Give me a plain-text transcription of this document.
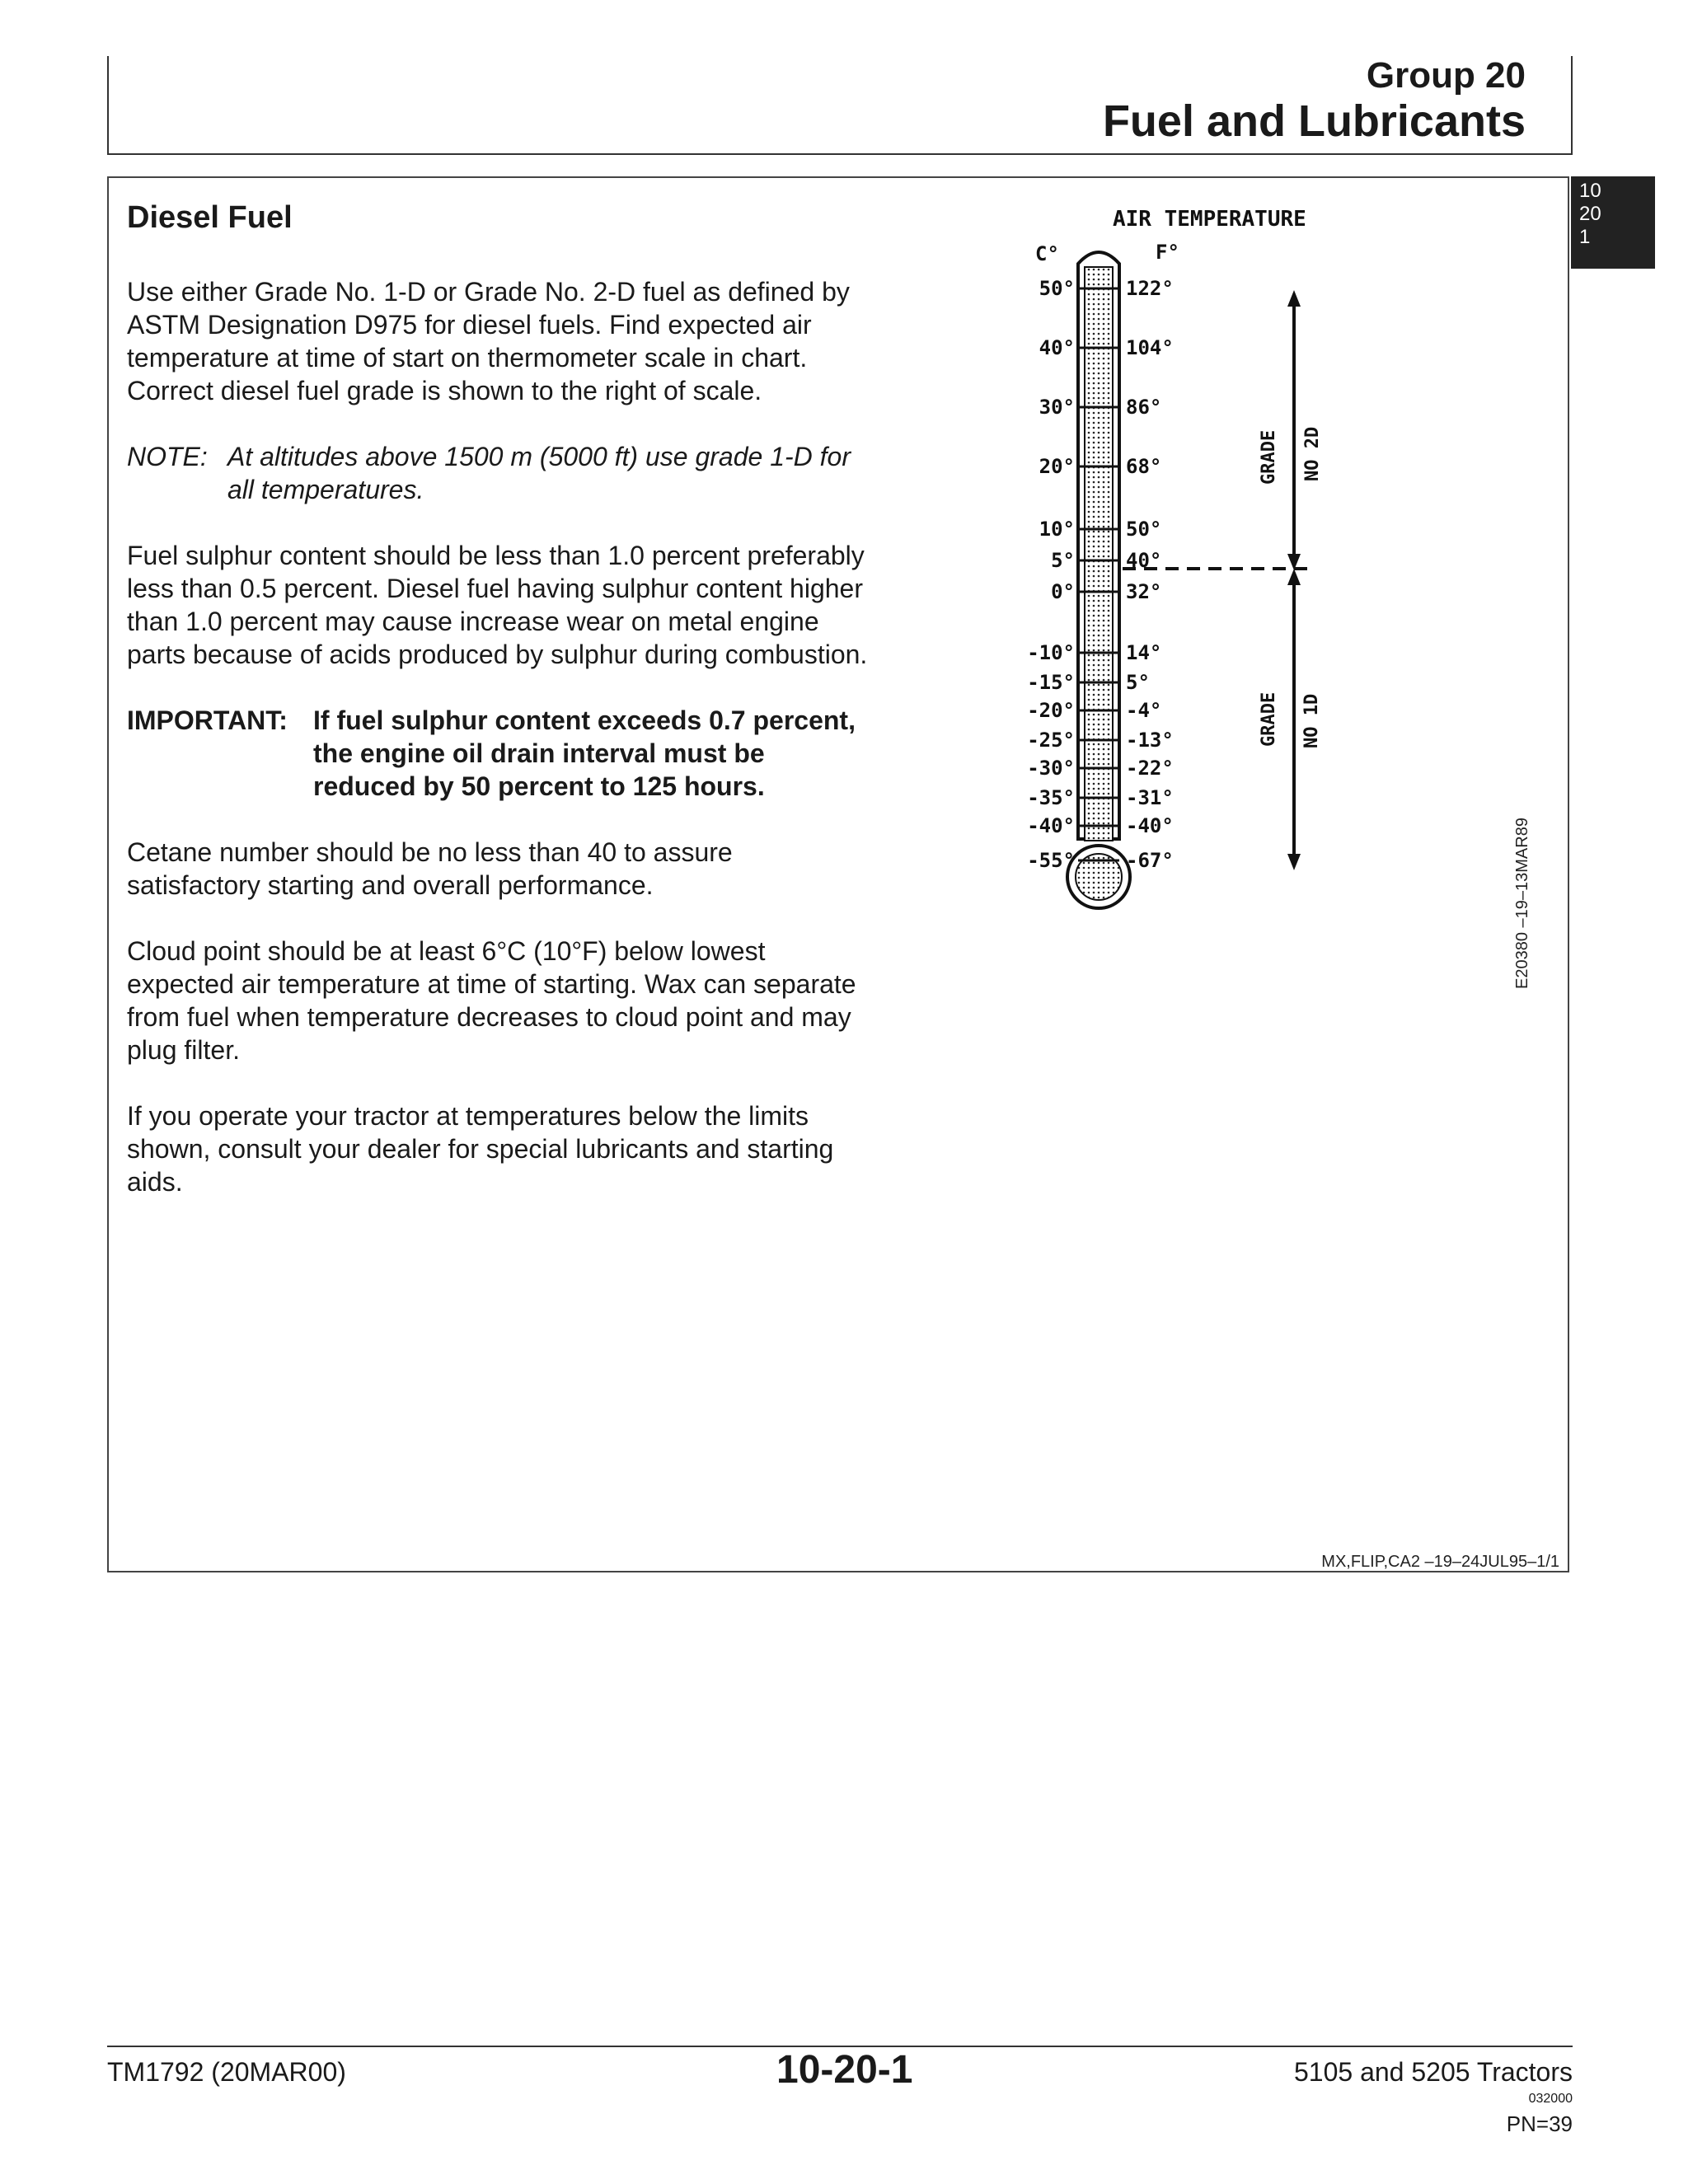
Group 20
Fuel and Lubricants
10
20
1
Diesel Fuel

Use either Grade No. 1-D or Grade No. 2-D fuel as defined by ASTM Designation D975 for diesel fuels. Find expected air temperature at time of start on thermometer scale in chart. Correct diesel fuel grade is shown to the right of scale.

NOTE: At altitudes above 1500 m (5000 ft) use grade 1-D for all temperatures.

Fuel sulphur content should be less than 1.0 percent preferably less than 0.5 percent. Diesel fuel having sulphur content higher than 1.0 percent may cause increase wear on metal engine parts because of acids produced by sulphur during combustion.

IMPORTANT: If fuel sulphur content exceeds 0.7 percent, the engine oil drain interval must be reduced by 50 percent to 125 hours.

Cetane number should be no less than 40 to assure satisfactory starting and overall performance.

Cloud point should be at least 6°C (10°F) below lowest expected air temperature at time of starting. Wax can separate from fuel when temperature decreases to cloud point and may plug filter.

If you operate your tractor at temperatures below the limits shown, consult your dealer for special lubricants and starting aids.

AIR TEMPERATURE
C°	F°
50°	122°
40°	104°
30°	86°
20°	68°
10°	50°
5°	40°
0°	32°
-10°	14°
-15°	5°
-20°	-4°
-25°	-13°
-30°	-22°
-35°	-31°
-40°	-40°
-55°	-67°
GRADE NO 2D
GRADE NO 1D
E20380 –19–13MAR89
MX,FLIP,CA2 –19–24JUL95–1/1
TM1792 (20MAR00)	10-20-1	5105 and 5205 Tractors
032000
PN=39
